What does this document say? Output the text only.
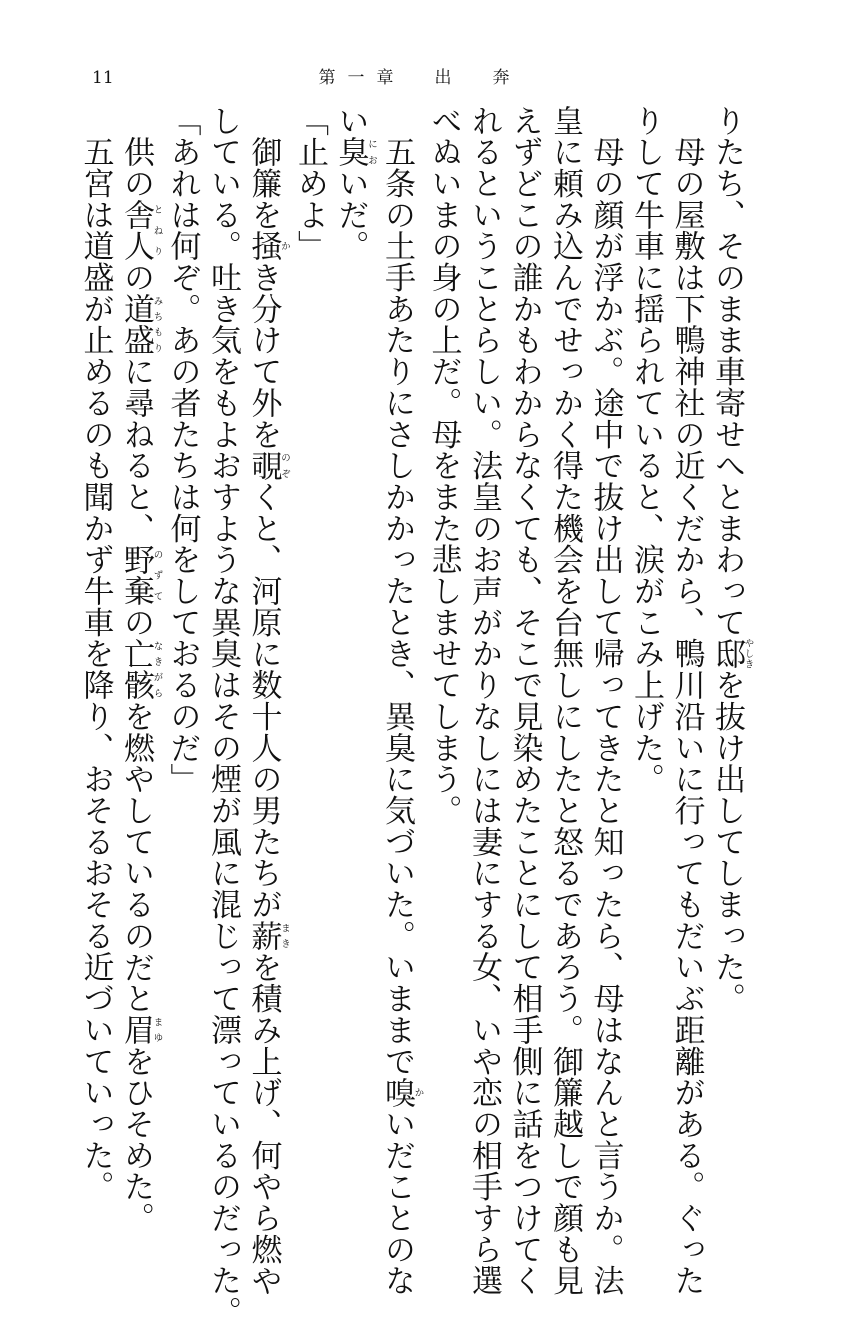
11	第一章　出　奔
りたち、そのまま車寄せへとまわって邸やしきを抜け出してしまった。
　母の屋敷は下鴨神社の近くだから、鴨川沿いに行ってもだいぶ距離がある。ぐった
りして牛車に揺られていると、涙がこみ上げた。
　母の顔が浮かぶ。途中で抜け出して帰ってきたと知ったら、母はなんと言うか。法
皇に頼み込んでせっかく得た機会を台無しにしたと怒るであろう。御簾越しで顔も見
えずどこの誰かもわからなくても、そこで見染めたことにして相手側に話をつけてく
れるということらしい。法皇のお声がかりなしには妻にする女、いや恋の相手すら選
べぬいまの身の上だ。母をまた悲しませてしまう。
　五条の土手あたりにさしかかったとき、異臭に気づいた。いままで嗅かいだことのな
い臭においだ。
「止めよ」
　御簾を掻かき分けて外を覗のぞくと、河原に数十人の男たちが薪まきを積み上げ、何やら燃や
している。吐き気をもよおすような異臭はその煙が風に混じって漂っているのだった。
「あれは何ぞ。あの者たちは何をしておるのだ」
　供の舎人とねりの道盛みちもりに尋ねると、野棄のずての亡骸なきがらを燃やしているのだと眉まゆをひそめた。
　五宮は道盛が止めるのも聞かず牛車を降り、おそるおそる近づいていった。
